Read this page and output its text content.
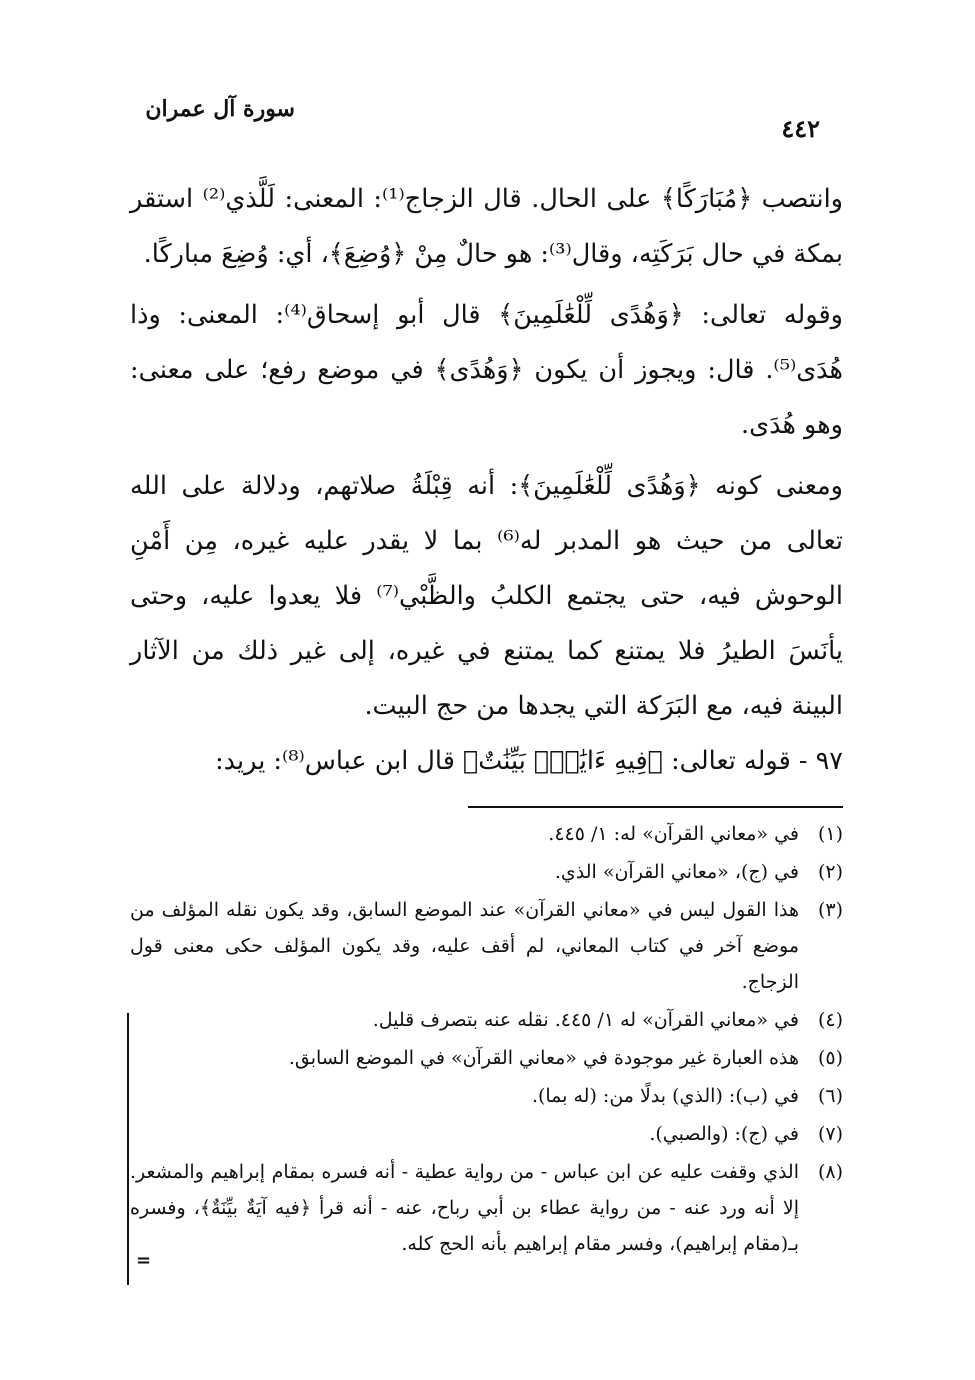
سورة آل عمران
٤٤٢

وانتصب ﴿مُبَارَكًا﴾ على الحال. قال الزجاج⁽¹⁾: المعنى: لَلَّذي⁽²⁾ استقر بمكة في حال بَرَكَتِه، وقال⁽³⁾: هو حالٌ مِنْ ﴿وُضِعَ﴾، أي: وُضِعَ مباركًا.

وقوله تعالى: ﴿وَهُدًى لِّلْعَٰلَمِينَ﴾ قال أبو إسحاق⁽⁴⁾: المعنى: وذا هُدَى⁽⁵⁾. قال: ويجوز أن يكون ﴿وَهُدًى﴾ في موضع رفع؛ على معنى: وهو هُدَى.

ومعنى كونه ﴿وَهُدًى لِّلْعَٰلَمِينَ﴾: أنه قِبْلَةُ صلاتهم، ودلالة على الله تعالى من حيث هو المدبر له⁽⁶⁾ بما لا يقدر عليه غيره، مِن أَمْنِ الوحوش فيه، حتى يجتمع الكلبُ والظَّبْي⁽⁷⁾ فلا يعدوا عليه، وحتى يأنَسَ الطيرُ فلا يمتنع كما يمتنع في غيره، إلى غير ذلك من الآثار البينة فيه، مع البَرَكة التي يجدها من حج البيت.

٩٧ - قوله تعالى: ﴿فِيهِ ءَايَٰتٌۢ بَيِّنَٰتٌ﴾ قال ابن عباس⁽⁸⁾: يريد:

(١)
في «معاني القرآن» له: ١/ ٤٤٥.
(٢)
في (ج)، «معاني القرآن» الذي.
(٣)
هذا القول ليس في «معاني القرآن» عند الموضع السابق، وقد يكون نقله المؤلف من موضع آخر في كتاب المعاني، لم أقف عليه، وقد يكون المؤلف حكى معنى قول الزجاج.
(٤)
في «معاني القرآن» له ١/ ٤٤٥. نقله عنه بتصرف قليل.
(٥)
هذه العبارة غير موجودة في «معاني القرآن» في الموضع السابق.
(٦)
في (ب): (الذي) بدلًا من: (له بما).
(٧)
في (ج): (والصبي).
(٨)
الذي وقفت عليه عن ابن عباس - من رواية عطية - أنه فسره بمقام إبراهيم والمشعر. إلا أنه ورد عنه - من رواية عطاء بن أبي رباح، عنه - أنه قرأ ﴿فيه آيَةٌ بيِّنَةٌ﴾، وفسره بـ(مقام إبراهيم)، وفسر مقام إبراهيم بأنه الحج كله.
=
